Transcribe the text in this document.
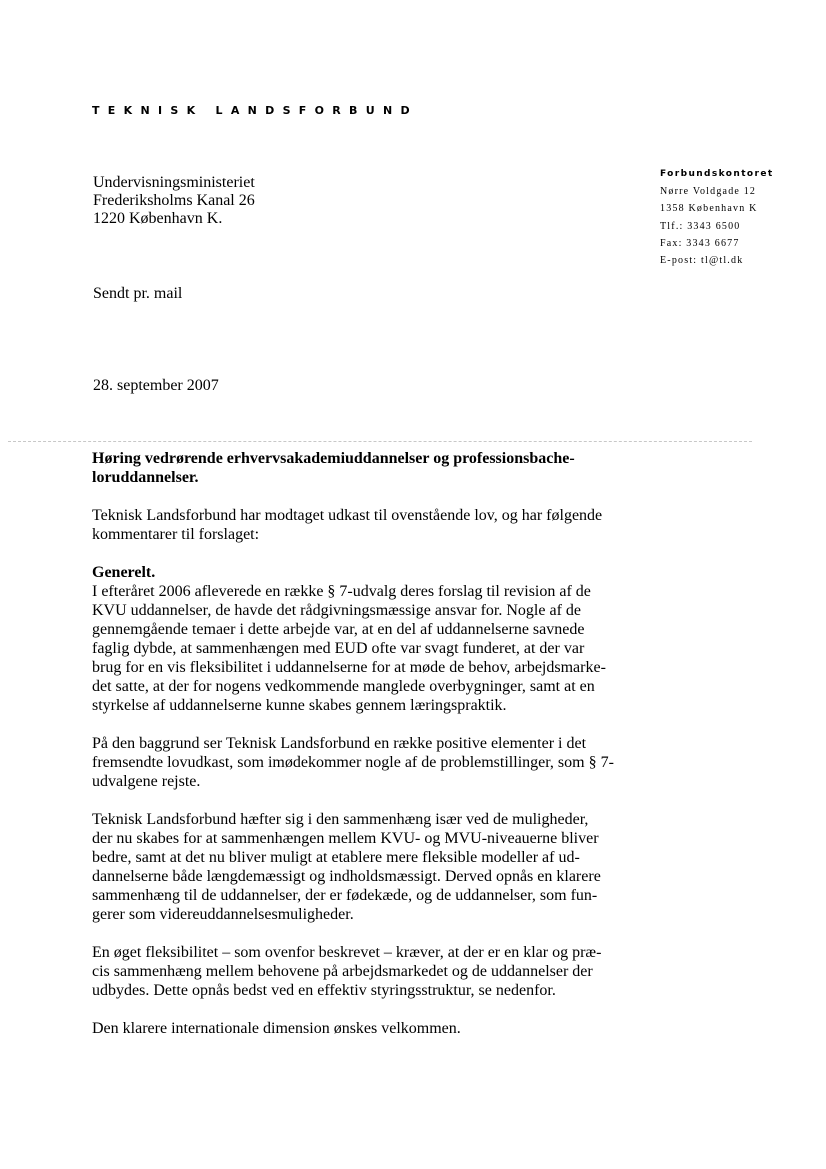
TEKNISK LANDSFORBUND
Undervisningsministeriet
Frederiksholms Kanal 26
1220 København K.
Forbundskontoret
Nørre Voldgade 12
1358 København K
Tlf.: 3343 6500
Fax: 3343 6677
E-post: tl@tl.dk
Sendt pr. mail
28. september 2007
Høring vedrørende erhvervsakademiuddannelser og professionsbache-
loruddannelser.
Teknisk Landsforbund har modtaget udkast til ovenstående lov, og har følgende
kommentarer til forslaget:
Generelt.
I efteråret 2006 afleverede en række § 7-udvalg deres forslag til revision af de
KVU uddannelser, de havde det rådgivningsmæssige ansvar for. Nogle af de
gennemgående temaer i dette arbejde var, at en del af uddannelserne savnede
faglig dybde, at sammenhængen med EUD ofte var svagt funderet, at der var
brug for en vis fleksibilitet i uddannelserne for at møde de behov, arbejdsmarke-
det satte, at der for nogens vedkommende manglede overbygninger, samt at en
styrkelse af uddannelserne kunne skabes gennem læringspraktik.
På den baggrund ser Teknisk Landsforbund en række positive elementer i det
fremsendte lovudkast, som imødekommer nogle af de problemstillinger, som § 7-
udvalgene rejste.
Teknisk Landsforbund hæfter sig i den sammenhæng især ved de muligheder,
der nu skabes for at sammenhængen mellem KVU- og MVU-niveauerne bliver
bedre, samt at det nu bliver muligt at etablere mere fleksible modeller af ud-
dannelserne både længdemæssigt og indholdsmæssigt. Derved opnås en klarere
sammenhæng til de uddannelser, der er fødekæde, og de uddannelser, som fun-
gerer som videreuddannelsesmuligheder.
En øget fleksibilitet – som ovenfor beskrevet – kræver, at der er en klar og præ-
cis sammenhæng mellem behovene på arbejdsmarkedet og de uddannelser der
udbydes. Dette opnås bedst ved en effektiv styringsstruktur, se nedenfor.
Den klarere internationale dimension ønskes velkommen.
